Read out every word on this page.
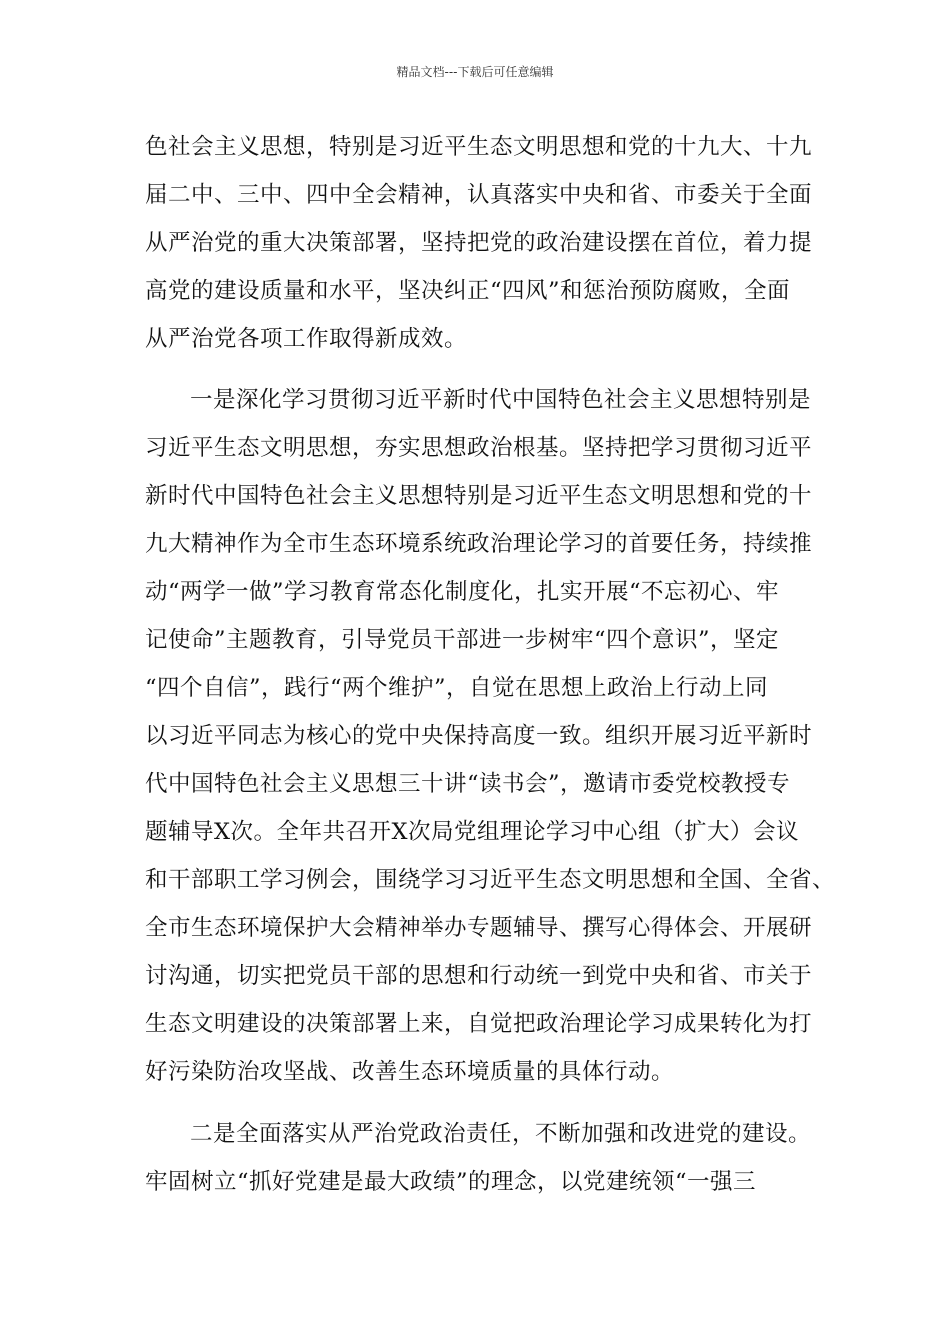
精品文档---下载后可任意编辑
色社会主义思想，特别是习近平生态文明思想和党的十九大、十九
届二中、三中、四中全会精神，认真落实中央和省、市委关于全面
从严治党的重大决策部署，坚持把党的政治建设摆在首位，着力提
高党的建设质量和水平，坚决纠正“四风”和惩治预防腐败，全面
从严治党各项工作取得新成效。
一是深化学习贯彻习近平新时代中国特色社会主义思想特别是
习近平生态文明思想，夯实思想政治根基。坚持把学习贯彻习近平
新时代中国特色社会主义思想特别是习近平生态文明思想和党的十
九大精神作为全市生态环境系统政治理论学习的首要任务，持续推
动“两学一做”学习教育常态化制度化，扎实开展“不忘初心、牢
记使命”主题教育，引导党员干部进一步树牢“四个意识”，坚定
“四个自信”，践行“两个维护”，自觉在思想上政治上行动上同
以习近平同志为核心的党中央保持高度一致。组织开展习近平新时
代中国特色社会主义思想三十讲“读书会”，邀请市委党校教授专
题辅导X次。全年共召开X次局党组理论学习中心组（扩大）会议
和干部职工学习例会，围绕学习习近平生态文明思想和全国、全省、
全市生态环境保护大会精神举办专题辅导、撰写心得体会、开展研
讨沟通，切实把党员干部的思想和行动统一到党中央和省、市关于
生态文明建设的决策部署上来，自觉把政治理论学习成果转化为打
好污染防治攻坚战、改善生态环境质量的具体行动。
二是全面落实从严治党政治责任，不断加强和改进党的建设。
牢固树立“抓好党建是最大政绩”的理念，以党建统领“一强三
